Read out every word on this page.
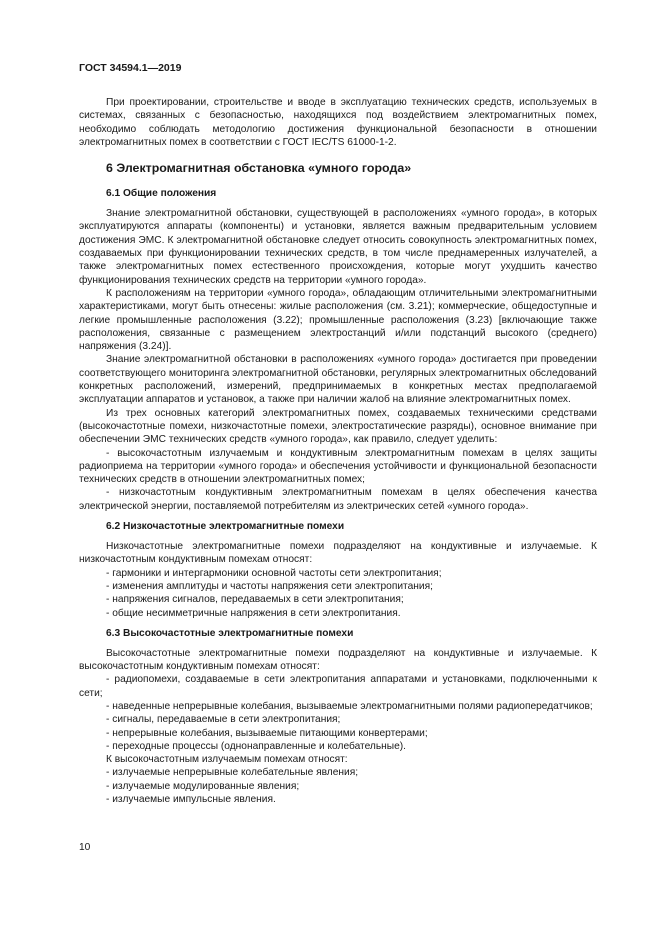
ГОСТ 34594.1—2019

При проектировании, строительстве и вводе в эксплуатацию технических средств, используемых в системах, связанных с безопасностью, находящихся под воздействием электромагнитных помех, необходимо соблюдать методологию достижения функциональной безопасности в отношении электромагнитных помех в соответствии с ГОСТ IEC/TS 61000-1-2.

6 Электромагнитная обстановка «умного города»
6.1 Общие положения

Знание электромагнитной обстановки, существующей в расположениях «умного города», в которых эксплуатируются аппараты (компоненты) и установки, является важным предварительным условием достижения ЭМС. К электромагнитной обстановке следует относить совокупность электромагнитных помех, создаваемых при функционировании технических средств, в том числе преднамеренных излучателей, а также электромагнитных помех естественного происхождения, которые могут ухудшить качество функционирования технических средств на территории «умного города».

К расположениям на территории «умного города», обладающим отличительными электромагнитными характеристиками, могут быть отнесены: жилые расположения (см. 3.21); коммерческие, общедоступные и легкие промышленные расположения (3.22); промышленные расположения (3.23) [включающие также расположения, связанные с размещением электростанций и/или подстанций высокого (среднего) напряжения (3.24)].

Знание электромагнитной обстановки в расположениях «умного города» достигается при проведении соответствующего мониторинга электромагнитной обстановки, регулярных электромагнитных обследований конкретных расположений, измерений, предпринимаемых в конкретных местах предполагаемой эксплуатации аппаратов и установок, а также при наличии жалоб на влияние электромагнитных помех.

Из трех основных категорий электромагнитных помех, создаваемых техническими средствами (высокочастотные помехи, низкочастотные помехи, электростатические разряды), основное внимание при обеспечении ЭМС технических средств «умного города», как правило, следует уделить:

- высокочастотным излучаемым и кондуктивным электромагнитным помехам в целях защиты радиоприема на территории «умного города» и обеспечения устойчивости и функциональной безопасности технических средств в отношении электромагнитных помех;
- низкочастотным кондуктивным электромагнитным помехам в целях обеспечения качества электрической энергии, поставляемой потребителям из электрических сетей «умного города».
6.2 Низкочастотные электромагнитные помехи

Низкочастотные электромагнитные помехи подразделяют на кондуктивные и излучаемые. К низкочастотным кондуктивным помехам относят:

- гармоники и интергармоники основной частоты сети электропитания;
- изменения амплитуды и частоты напряжения сети электропитания;
- напряжения сигналов, передаваемых в сети электропитания;
- общие несимметричные напряжения в сети электропитания.
6.3 Высокочастотные электромагнитные помехи

Высокочастотные электромагнитные помехи подразделяют на кондуктивные и излучаемые. К высокочастотным кондуктивным помехам относят:

- радиопомехи, создаваемые в сети электропитания аппаратами и установками, подключенными к сети;
- наведенные непрерывные колебания, вызываемые электромагнитными полями радиопередатчиков;
- сигналы, передаваемые в сети электропитания;
- непрерывные колебания, вызываемые питающими конвертерами;
- переходные процессы (однонаправленные и колебательные).

К высокочастотным излучаемым помехам относят:

- излучаемые непрерывные колебательные явления;
- излучаемые модулированные явления;
- излучаемые импульсные явления.
10
